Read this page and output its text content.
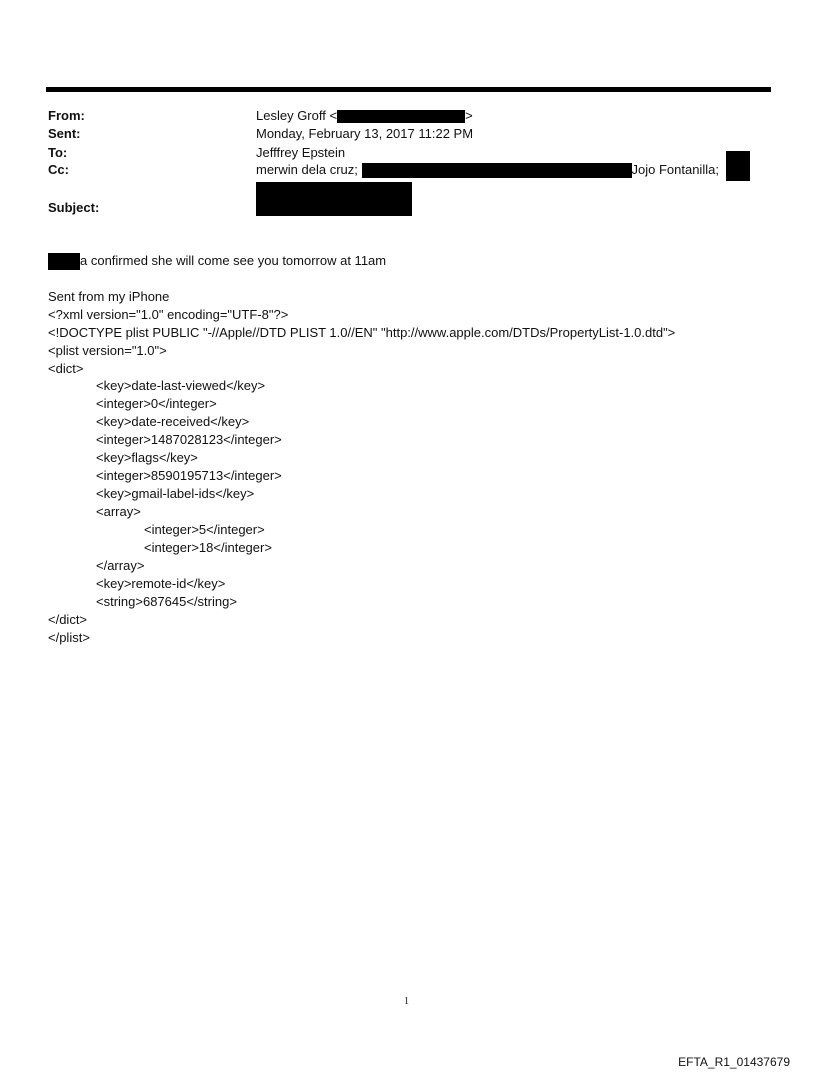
From:	Lesley Groff <	>
Sent:	Monday, February 13, 2017 11:22 PM
To:	Jefffrey Epstein
Cc:	merwin dela cruz;	Jojo Fontanilla;
Subject:
a confirmed she will come see you tomorrow at 11am
Sent from my iPhone
<?xml version="1.0" encoding="UTF-8"?>
<!DOCTYPE plist PUBLIC "-//Apple//DTD PLIST 1.0//EN" "http://www.apple.com/DTDs/PropertyList-1.0.dtd">
<plist version="1.0">
<dict>
<key>date-last-viewed</key>
<integer>0</integer>
<key>date-received</key>
<integer>1487028123</integer>
<key>flags</key>
<integer>8590195713</integer>
<key>gmail-label-ids</key>
<array>
<integer>5</integer>
<integer>18</integer>
</array>
<key>remote-id</key>
<string>687645</string>
</dict>
</plist>
1
EFTA_R1_01437679
